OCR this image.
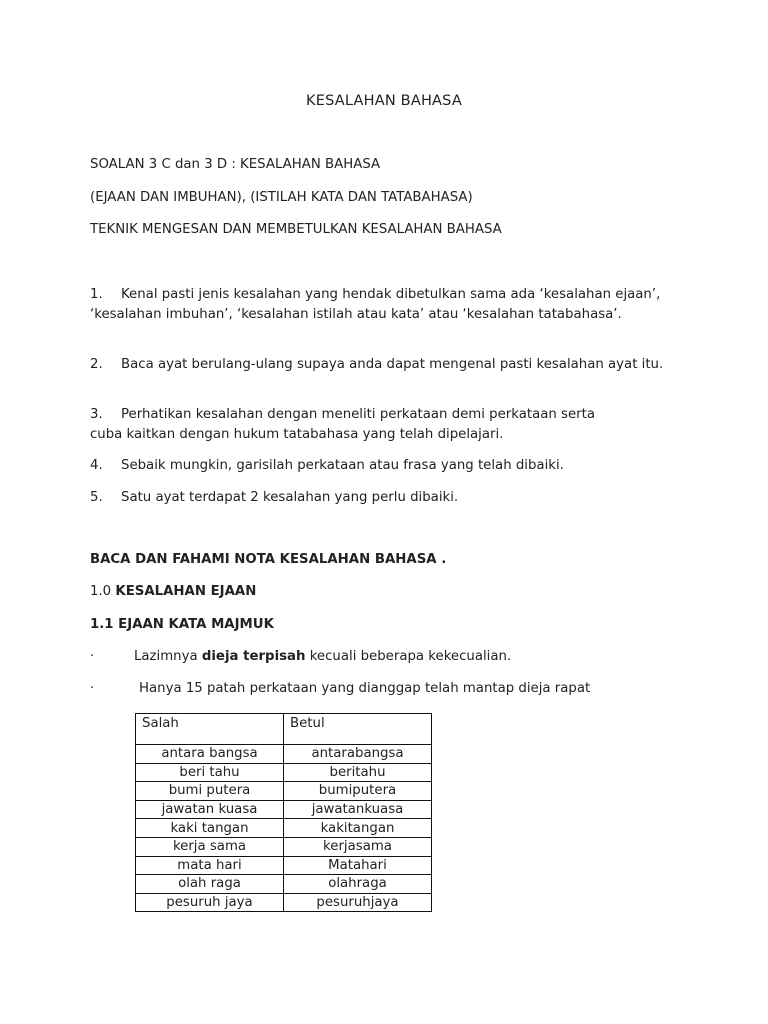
KESALAHAN BAHASA
SOALAN 3 C dan 3 D : KESALAHAN BAHASA
(EJAAN DAN IMBUHAN), (ISTILAH KATA DAN TATABAHASA)
TEKNIK MENGESAN DAN MEMBETULKAN KESALAHAN BAHASA
1. Kenal pasti jenis kesalahan yang hendak dibetulkan sama ada ‘kesalahan ejaan’, ‘kesalahan imbuhan’, ‘kesalahan istilah atau kata’ atau ‘kesalahan tatabahasa’.
2. Baca ayat berulang-ulang supaya anda dapat mengenal pasti kesalahan ayat itu.
3. Perhatikan kesalahan dengan meneliti perkataan demi perkataan serta cuba kaitkan dengan hukum tatabahasa yang telah dipelajari.
4. Sebaik mungkin, garisilah perkataan atau frasa yang telah dibaiki.
5. Satu ayat terdapat 2 kesalahan yang perlu dibaiki.
BACA DAN FAHAMI NOTA KESALAHAN BAHASA .
1.0 KESALAHAN EJAAN
1.1 EJAAN KATA MAJMUK
·	Lazimnya dieja terpisah kecuali beberapa kekecualian.
·	Hanya 15 patah perkataan yang dianggap telah mantap dieja rapat
Salah	Betul
antara bangsa	antarabangsa
beri tahu	beritahu
bumi putera	bumiputera
jawatan kuasa	jawatankuasa
kaki tangan	kakitangan
kerja sama	kerjasama
mata hari	Matahari
olah raga	olahraga
pesuruh jaya	pesuruhjaya
